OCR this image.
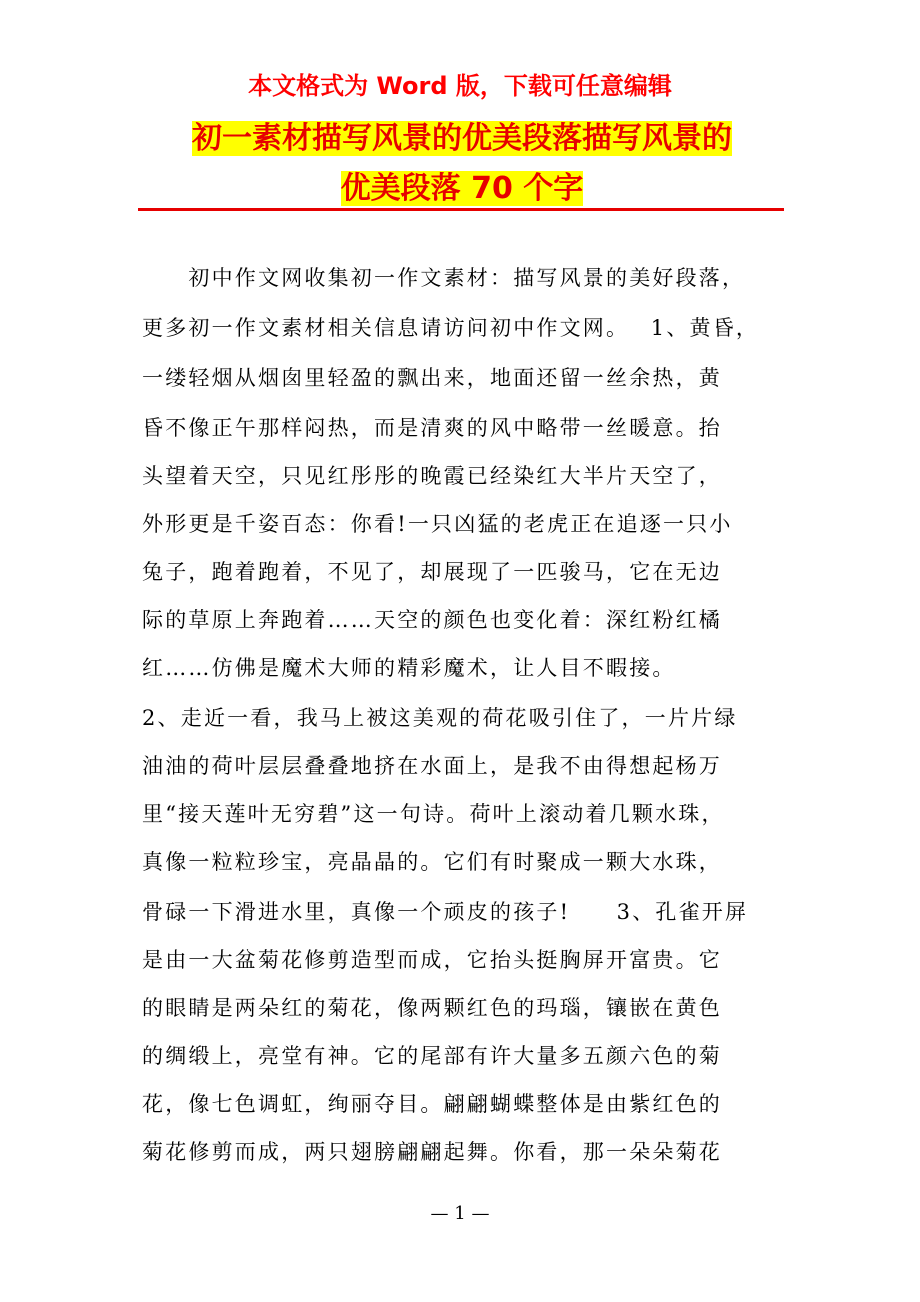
本文格式为 Word 版，下载可任意编辑
初一素材描写风景的优美段落描写风景的
优美段落 70 个字
　　初中作文网收集初一作文素材：描写风景的美好段落，
更多初一作文素材相关信息请访问初中作文网。　 1、黄昏，
一缕轻烟从烟囱里轻盈的飘出来，地面还留一丝余热，黄
昏不像正午那样闷热，而是清爽的风中略带一丝暖意。抬
头望着天空，只见红彤彤的晚霞已经染红大半片天空了，
外形更是千姿百态：你看!一只凶猛的老虎正在追逐一只小
兔子，跑着跑着，不见了，却展现了一匹骏马，它在无边
际的草原上奔跑着……天空的颜色也变化着：深红粉红橘
红……仿佛是魔术大师的精彩魔术，让人目不暇接。
2、走近一看，我马上被这美观的荷花吸引住了，一片片绿
油油的荷叶层层叠叠地挤在水面上，是我不由得想起杨万
里“接天莲叶无穷碧”这一句诗。荷叶上滚动着几颗水珠，
真像一粒粒珍宝，亮晶晶的。它们有时聚成一颗大水珠，
骨碌一下滑进水里，真像一个顽皮的孩子!　　3、孔雀开屏
是由一大盆菊花修剪造型而成，它抬头挺胸屏开富贵。它
的眼睛是两朵红的菊花，像两颗红色的玛瑙，镶嵌在黄色
的绸缎上，亮堂有神。它的尾部有许大量多五颜六色的菊
花，像七色调虹，绚丽夺目。翩翩蝴蝶整体是由紫红色的
菊花修剪而成，两只翅膀翩翩起舞。你看，那一朵朵菊花
— 1 —
